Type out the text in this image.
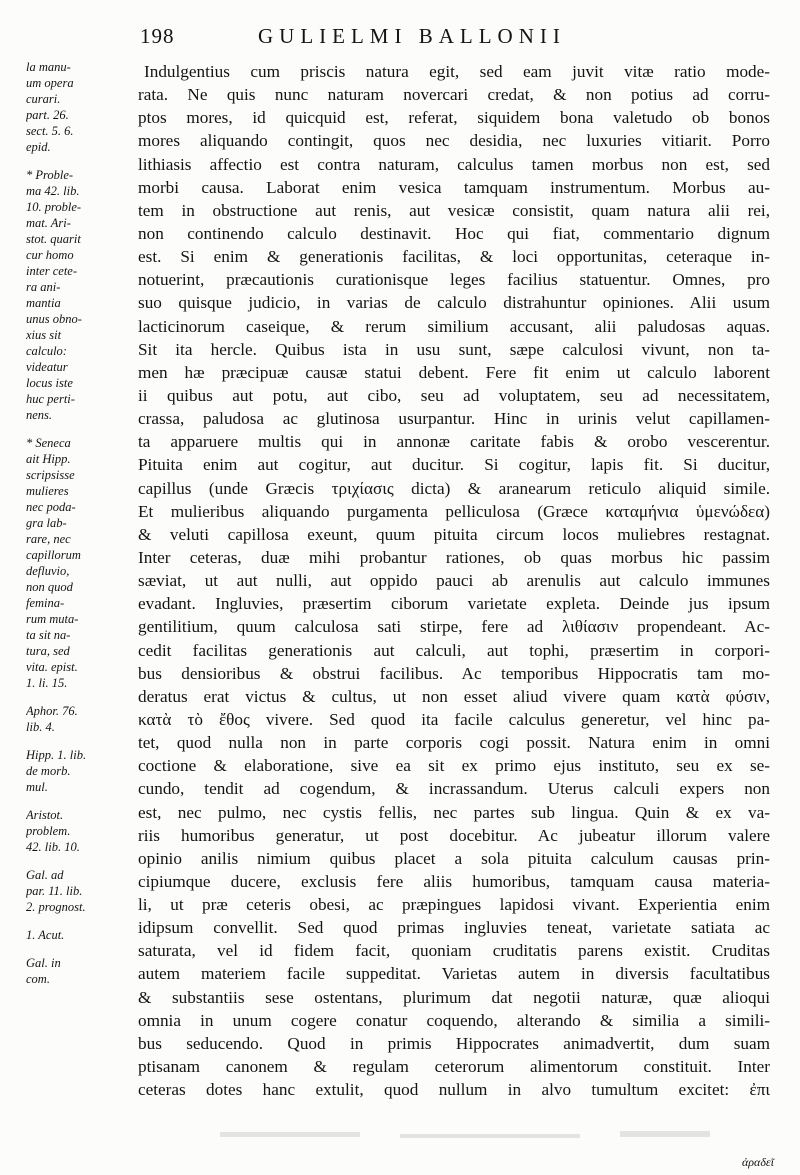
198	GULIELMI BALLONII
la manu-
um opera
curari.
part. 26.
sect. 5. 6.
epid.
* Proble-
ma 42. lib.
10. proble-
mat. Ari-
stot. quarit
cur homo
inter cete-
ra ani-
mantia
unus obno-
xius sit
calculo:
videatur
locus iste
huc perti-
nens.
* Seneca
ait Hipp.
scripsisse
mulieres
nec poda-
gra lab-
rare, nec
capillorum
defluvio,
non quod
femina-
rum muta-
ta sit na-
tura, sed
vita. epist.
1. li. 15.
Aphor. 76.
lib. 4.
Hipp. 1. lib.
de morb.
mul.
Aristot.
problem.
42. lib. 10.
Gal. ad
par. 11. lib.
2. prognost.
1. Acut.
Gal. in
com.
Indulgentius cum priscis natura egit, sed eam juvit vitæ ratio mode-
rata. Ne quis nunc naturam novercari credat, & non potius ad corru-
ptos mores, id quicquid est, referat, siquidem bona valetudo ob bonos
mores aliquando contingit, quos nec desidia, nec luxuries vitiarit. Porro
lithiasis affectio est contra naturam, calculus tamen morbus non est, sed
morbi causa. Laborat enim vesica tamquam instrumentum. Morbus au-
tem in obstructione aut renis, aut vesicæ consistit, quam natura alii rei,
non continendo calculo destinavit. Hoc qui fiat, commentario dignum
est. Si enim & generationis facilitas, & loci opportunitas, ceteraque in-
notuerint, præcautionis curationisque leges facilius statuentur. Omnes, pro
suo quisque judicio, in varias de calculo distrahuntur opiniones. Alii usum
lacticinorum caseique, & rerum similium accusant, alii paludosas aquas.
Sit ita hercle. Quibus ista in usu sunt, sæpe calculosi vivunt, non ta-
men hæ præcipuæ causæ statui debent. Fere fit enim ut calculo laborent
ii quibus aut potu, aut cibo, seu ad voluptatem, seu ad necessitatem,
crassa, paludosa ac glutinosa usurpantur. Hinc in urinis velut capillamen-
ta apparuere multis qui in annonæ caritate fabis & orobo vescerentur.
Pituita enim aut cogitur, aut ducitur. Si cogitur, lapis fit. Si ducitur,
capillus (unde Græcis τριχίασις dicta) & aranearum reticulo aliquid simile.
Et mulieribus aliquando purgamenta pelliculosa (Græce καταμήνια ὑμενώδεα)
& veluti capillosa exeunt, quum pituita circum locos muliebres restagnat.
Inter ceteras, duæ mihi probantur rationes, ob quas morbus hic passim
sæviat, ut aut nulli, aut oppido pauci ab arenulis aut calculo immunes
evadant. Ingluvies, præsertim ciborum varietate expleta. Deinde jus ipsum
gentilitium, quum calculosa sati stirpe, fere ad λιθίασιν propendeant. Ac-
cedit facilitas generationis aut calculi, aut tophi, præsertim in corpori-
bus densioribus & obstrui facilibus. Ac temporibus Hippocratis tam mo-
deratus erat victus & cultus, ut non esset aliud vivere quam κατὰ φύσιν,
κατὰ τὸ ἔθος vivere. Sed quod ita facile calculus generetur, vel hinc pa-
tet, quod nulla non in parte corporis cogi possit. Natura enim in omni
coctione & elaboratione, sive ea sit ex primo ejus instituto, seu ex se-
cundo, tendit ad cogendum, & incrassandum. Uterus calculi expers non
est, nec pulmo, nec cystis fellis, nec partes sub lingua. Quin & ex va-
riis humoribus generatur, ut post docebitur. Ac jubeatur illorum valere
opinio anilis nimium quibus placet a sola pituita calculum causas prin-
cipiumque ducere, exclusis fere aliis humoribus, tamquam causa materia-
li, ut præ ceteris obesi, ac præpingues lapidosi vivant. Experientia enim
idipsum convellit. Sed quod primas ingluvies teneat, varietate satiata ac
saturata, vel id fidem facit, quoniam cruditatis parens existit. Cruditas
autem materiem facile suppeditat. Varietas autem in diversis facultatibus
& substantiis sese ostentans, plurimum dat negotii naturæ, quæ alioqui
omnia in unum cogere conatur coquendo, alterando & similia a simili-
bus seducendo. Quod in primis Hippocrates animadvertit, dum suam
ptisanam canonem & regulam ceterorum alimentorum constituit. Inter
ceteras dotes hanc extulit, quod nullum in alvo tumultum excitet: ἐπι
ἀραδεῖ
